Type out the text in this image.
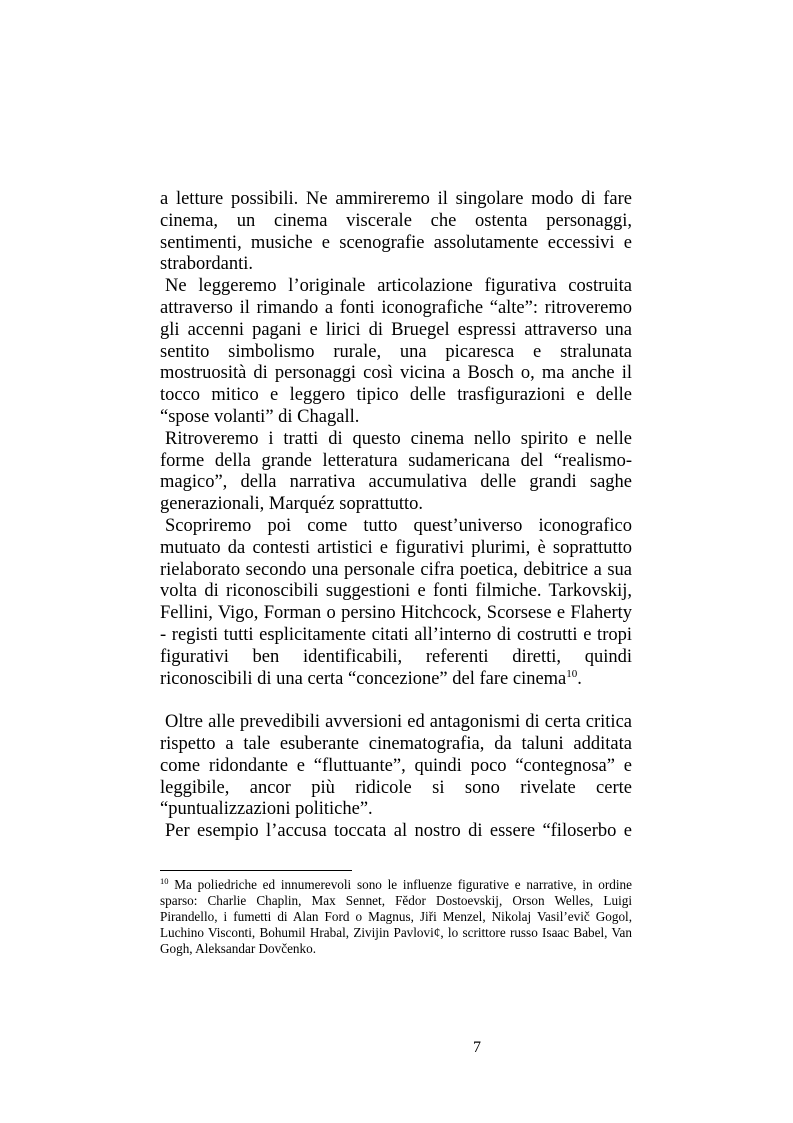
a letture possibili. Ne ammireremo il singolare modo di fare
cinema, un cinema viscerale che ostenta personaggi,
sentimenti, musiche e scenografie assolutamente eccessivi e
strabordanti.
Ne leggeremo l’originale articolazione figurativa costruita
attraverso il rimando a fonti iconografiche “alte”: ritroveremo
gli accenni pagani e lirici di Bruegel espressi attraverso una
sentito simbolismo rurale, una picaresca e stralunata
mostruosità di personaggi così vicina a Bosch o, ma anche il
tocco mitico e leggero tipico delle trasfigurazioni e delle
“spose volanti” di Chagall.
Ritroveremo i tratti di questo cinema nello spirito e nelle
forme della grande letteratura sudamericana del “realismo-
magico”, della narrativa accumulativa delle grandi saghe
generazionali, Marquéz soprattutto.
Scopriremo poi come tutto quest’universo iconografico
mutuato da contesti artistici e figurativi plurimi, è soprattutto
rielaborato secondo una personale cifra poetica, debitrice a sua
volta di riconoscibili suggestioni e fonti filmiche. Tarkovskij,
Fellini, Vigo, Forman o persino Hitchcock, Scorsese e Flaherty
- registi tutti esplicitamente citati all’interno di costrutti e tropi
figurativi ben identificabili, referenti diretti, quindi
riconoscibili di una certa “concezione” del fare cinema$^{10}$.
Oltre alle prevedibili avversioni ed antagonismi di certa critica
rispetto a tale esuberante cinematografia, da taluni additata
come ridondante e “fluttuante”, quindi poco “contegnosa” e
leggibile, ancor più ridicole si sono rivelate certe
“puntualizzazioni politiche”.
Per esempio l’accusa toccata al nostro di essere “filoserbo e
$^{10}$ Ma poliedriche ed innumerevoli sono le influenze figurative e narrative, in ordine
sparso: Charlie Chaplin, Max Sennet, Fĕdor Dostoevskij, Orson Welles, Luigi
Pirandello, i fumetti di Alan Ford o Magnus, Jiři Menzel, Nikolaj Vasil’evič Gogol,
Luchino Visconti, Bohumil Hrabal, Zivijin Pavlovi¢, lo scrittore russo Isaac Babel, Van
Gogh, Aleksandar Dovčenko.
7
